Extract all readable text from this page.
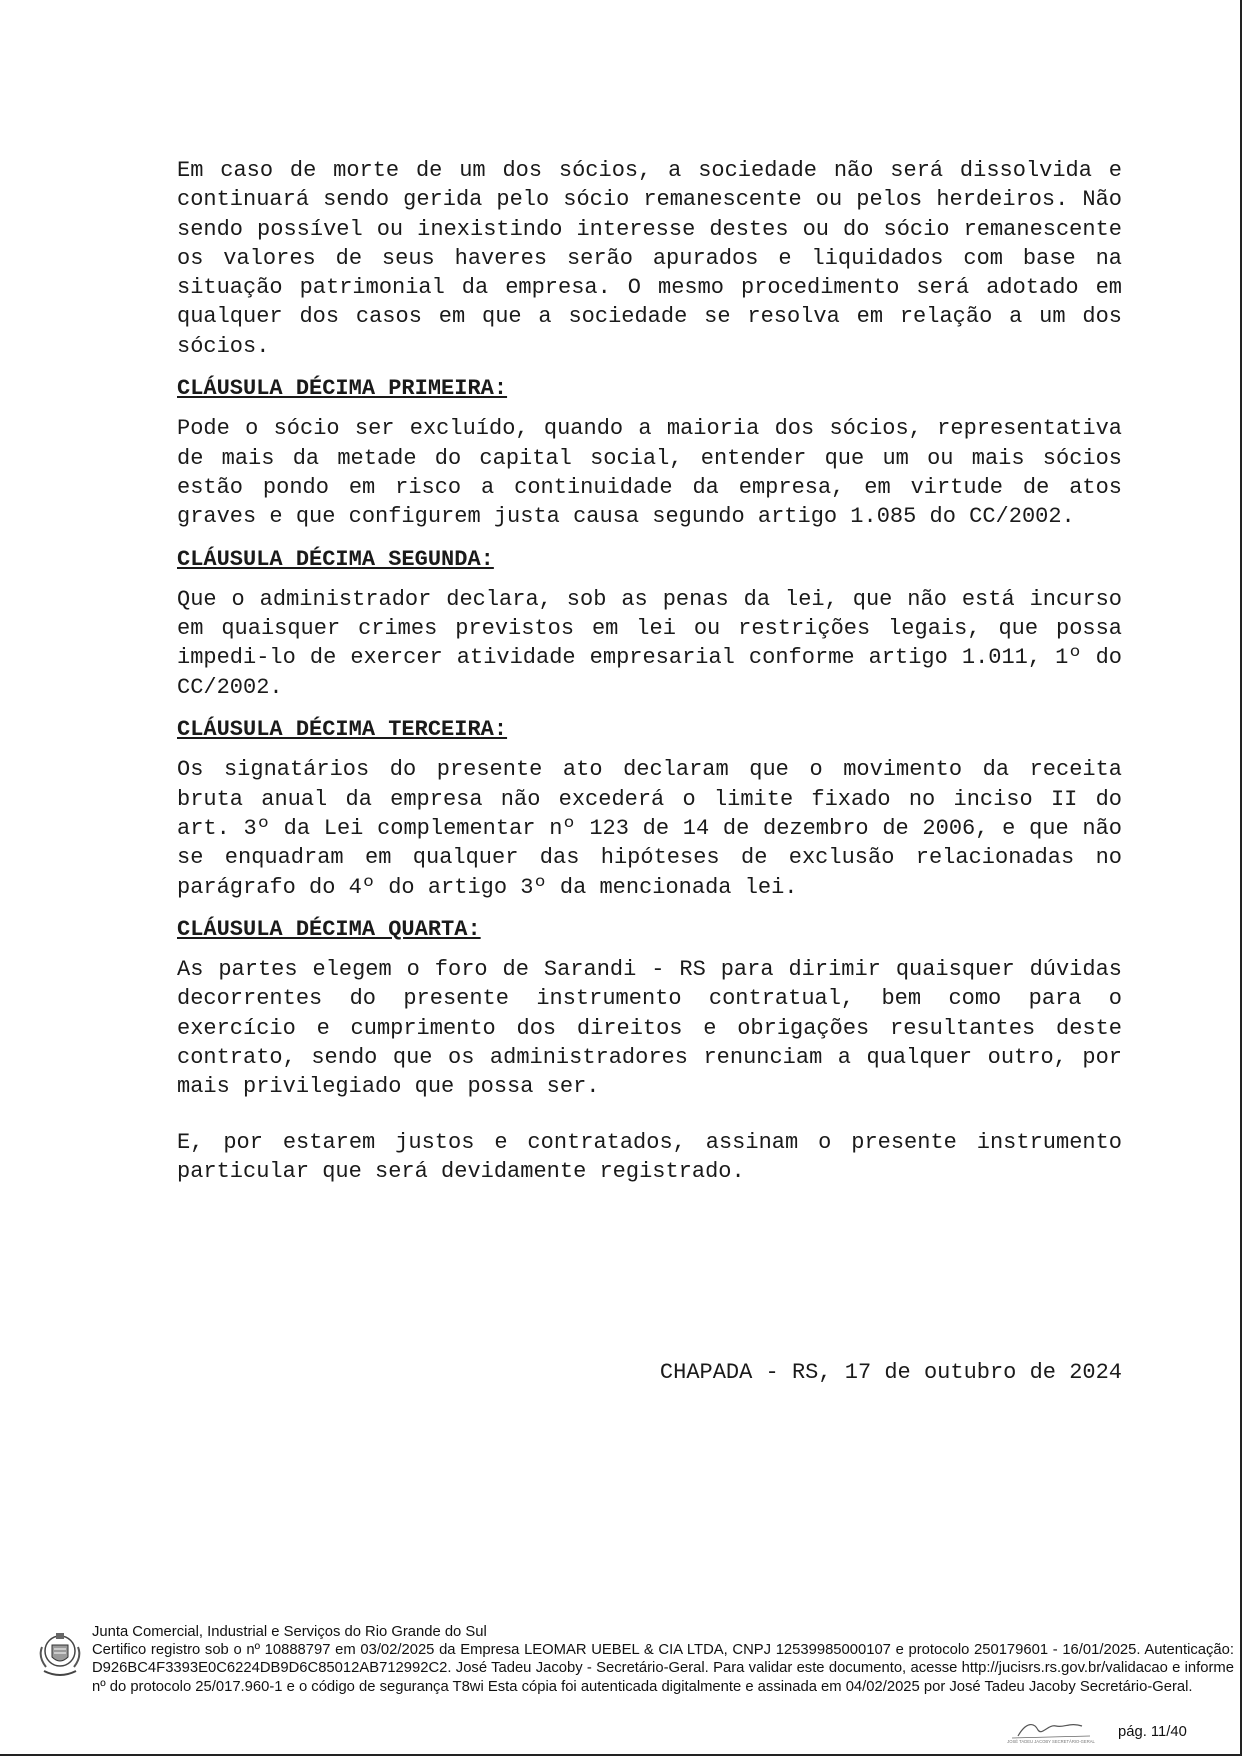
Em caso de morte de um dos sócios, a sociedade não será dissolvida e continuará sendo gerida pelo sócio remanescente ou pelos herdeiros. Não sendo possível ou inexistindo interesse destes ou do sócio remanescente os valores de seus haveres serão apurados e liquidados com base na situação patrimonial da empresa. O mesmo procedimento será adotado em qualquer dos casos em que a sociedade se resolva em relação a um dos sócios.

CLÁUSULA DÉCIMA PRIMEIRA:

Pode o sócio ser excluído, quando a maioria dos sócios, representativa de mais da metade do capital social, entender que um ou mais sócios estão pondo em risco a continuidade da empresa, em virtude de atos graves e que configurem justa causa segundo artigo 1.085 do CC/2002.

CLÁUSULA DÉCIMA SEGUNDA:

Que o administrador declara, sob as penas da lei, que não está incurso em quaisquer crimes previstos em lei ou restrições legais, que possa impedi-lo de exercer atividade empresarial conforme artigo 1.011, 1º do CC/2002.

CLÁUSULA DÉCIMA TERCEIRA:

Os signatários do presente ato declaram que o movimento da receita bruta anual da empresa não excederá o limite fixado no inciso II do art. 3º da Lei complementar nº 123 de 14 de dezembro de 2006, e que não se enquadram em qualquer das hipóteses de exclusão relacionadas no parágrafo do 4º do artigo 3º da mencionada lei.

CLÁUSULA DÉCIMA QUARTA:

As partes elegem o foro de Sarandi - RS para dirimir quaisquer dúvidas decorrentes do presente instrumento contratual, bem como para o exercício e cumprimento dos direitos e obrigações resultantes deste contrato, sendo que os administradores renunciam a qualquer outro, por mais privilegiado que possa ser.

E, por estarem justos e contratados, assinam o presente instrumento particular que será devidamente registrado.

CHAPADA - RS, 17 de outubro de 2024

Junta Comercial, Industrial e Serviços do Rio Grande do Sul

Certifico registro sob o nº 10888797 em 03/02/2025 da Empresa LEOMAR UEBEL & CIA LTDA, CNPJ 12539985000107 e protocolo 250179601 - 16/01/2025. Autenticação: D926BC4F3393E0C6224DB9D6C85012AB712992C2. José Tadeu Jacoby - Secretário-Geral. Para validar este documento, acesse http://jucisrs.rs.gov.br/validacao e informe nº do protocolo 25/017.960-1 e o código de segurança T8wi Esta cópia foi autenticada digitalmente e assinada em 04/02/2025 por José Tadeu Jacoby Secretário-Geral.

JOSÉ TADEU JACOBY SECRETÁRIO-GERAL
pág. 11/40
